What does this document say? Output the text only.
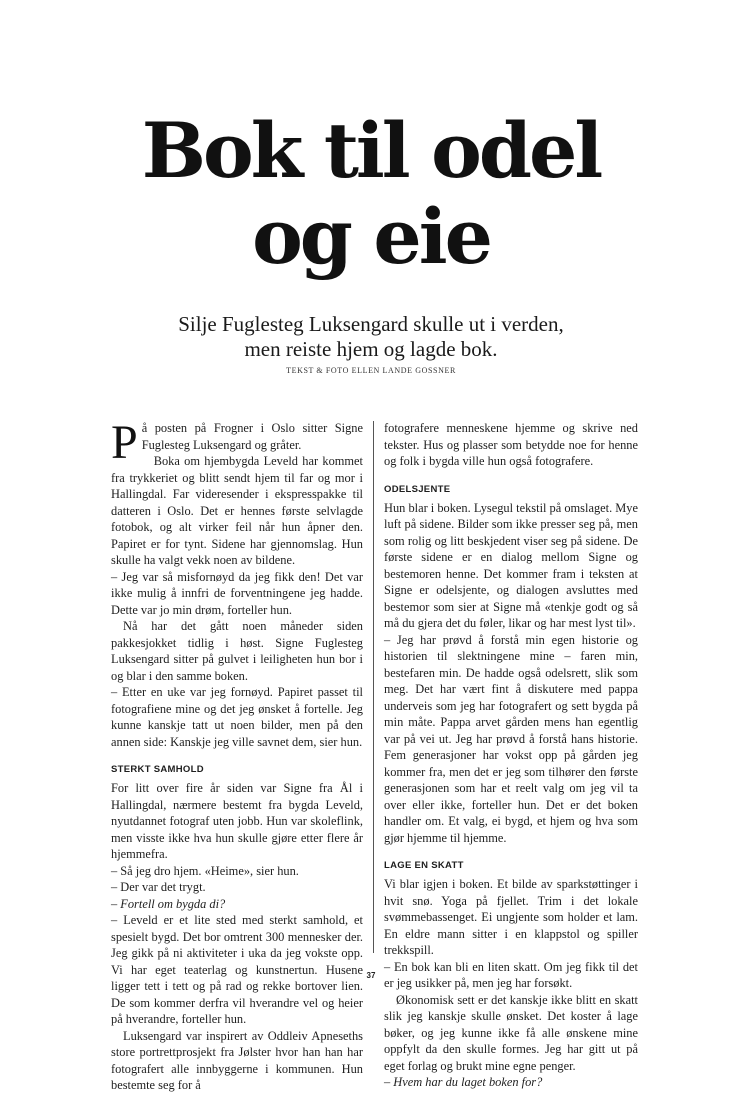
Bok til odel
og eie
Silje Fuglesteg Luksengard skulle ut i verden,
men reiste hjem og lagde bok.
TEKST & FOTO ELLEN LANDE GOSSNER

På posten på Frogner i Oslo sitter Signe Fuglesteg Luksengard og gråter.

Boka om hjembygda Leveld har kommet fra trykkeriet og blitt sendt hjem til far og mor i Hallingdal. Far videresender i ekspresspakke til datteren i Oslo. Det er hennes første selvlagde fotobok, og alt virker feil når hun åpner den. Papiret er for tynt. Sidene har gjennomslag. Hun skulle ha valgt vekk noen av bildene.

– Jeg var så misfornøyd da jeg fikk den! Det var ikke mulig å innfri de forventningene jeg hadde. Dette var jo min drøm, forteller hun.

Nå har det gått noen måneder siden pakkesjokket tidlig i høst. Signe Fuglesteg Luksengard sitter på gulvet i leiligheten hun bor i og blar i den samme boken.

– Etter en uke var jeg fornøyd. Papiret passet til fotografiene mine og det jeg ønsket å fortelle. Jeg kunne kanskje tatt ut noen bilder, men på den annen side: Kanskje jeg ville savnet dem, sier hun.

STERKT SAMHOLD

For litt over fire år siden var Signe fra Ål i Hallingdal, nærmere bestemt fra bygda Leveld, nyutdannet fotograf uten jobb. Hun var skoleflink, men visste ikke hva hun skulle gjøre etter flere år hjemmefra.

– Så jeg dro hjem. «Heime», sier hun.

– Der var det trygt.

– Fortell om bygda di?

– Leveld er et lite sted med sterkt samhold, et spesielt bygd. Det bor omtrent 300 mennesker der. Jeg gikk på ni aktiviteter i uka da jeg vokste opp. Vi har eget teaterlag og kunstnertun. Husene ligger tett i tett og på rad og rekke bortover lien. De som kommer derfra vil hverandre vel og heier på hverandre, forteller hun.

Luksengard var inspirert av Oddleiv Apneseths store portrettprosjekt fra Jølster hvor han han har fotografert alle innbyggerne i kommunen. Hun bestemte seg for å

fotografere menneskene hjemme og skrive ned tekster. Hus og plasser som betydde noe for henne og folk i bygda ville hun også fotografere.

ODELSJENTE

Hun blar i boken. Lysegul tekstil på omslaget. Mye luft på sidene. Bilder som ikke presser seg på, men som rolig og litt beskjedent viser seg på sidene. De første sidene er en dialog mellom Signe og bestemoren henne. Det kommer fram i teksten at Signe er odelsjente, og dialogen avsluttes med bestemor som sier at Signe må «tenkje godt og så må du gjera det du føler, likar og har mest lyst til».

– Jeg har prøvd å forstå min egen historie og historien til slektningene mine – faren min, bestefaren min. De hadde også odelsrett, slik som meg. Det har vært fint å diskutere med pappa underveis som jeg har fotografert og sett bygda på min måte. Pappa arvet gården mens han egentlig var på vei ut. Jeg har prøvd å forstå hans historie. Fem generasjoner har vokst opp på gården jeg kommer fra, men det er jeg som tilhører den første generasjonen som har et reelt valg om jeg vil ta over eller ikke, forteller hun. Det er det boken handler om. Et valg, ei bygd, et hjem og hva som gjør hjemme til hjemme.

LAGE EN SKATT

Vi blar igjen i boken. Et bilde av sparkstøttinger i hvit snø. Yoga på fjellet. Trim i det lokale svømmebassenget. Ei ungjente som holder et lam. En eldre mann sitter i en klappstol og spiller trekkspill.

– En bok kan bli en liten skatt. Om jeg fikk til det er jeg usikker på, men jeg har forsøkt.

Økonomisk sett er det kanskje ikke blitt en skatt slik jeg kanskje skulle ønsket. Det koster å lage bøker, og jeg kunne ikke få alle ønskene mine oppfylt da den skulle formes. Jeg har gitt ut på eget forlag og brukt mine egne penger.

– Hvem har du laget boken for?

37
